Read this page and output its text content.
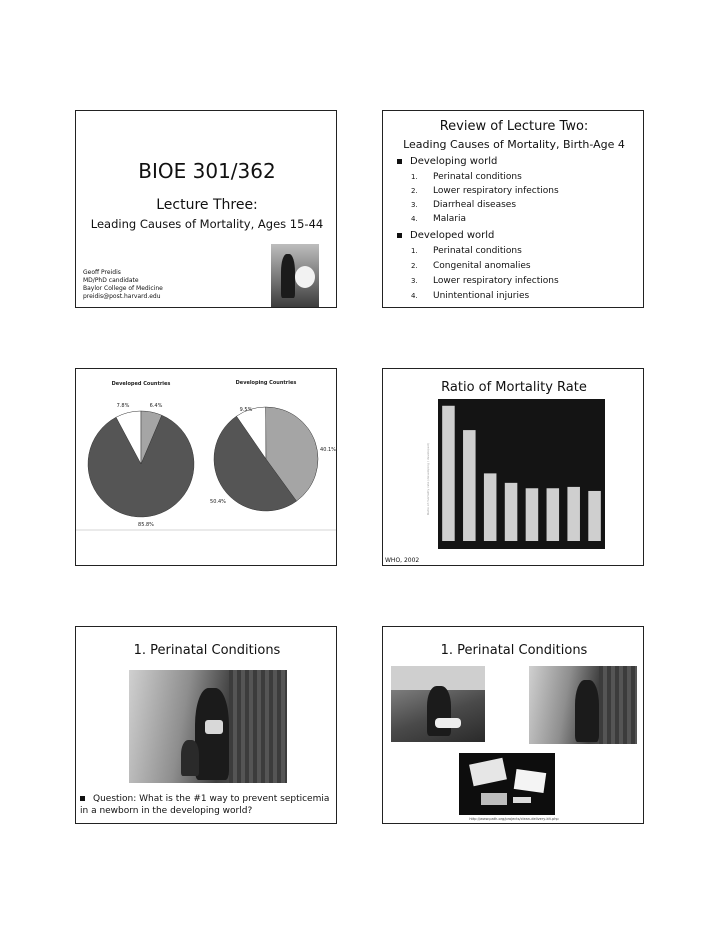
BIOE 301/362
Lecture Three:
Leading Causes of Mortality, Ages 15-44
Geoff Preidis
MD/PhD candidate
Baylor College of Medicine
preidis@post.harvard.edu
Review of Lecture Two:
Leading Causes of Mortality, Birth-Age 4
Developing world
1. Perinatal conditions
2. Lower respiratory infections
3. Diarrheal diseases
4. Malaria
Developed world
1. Perinatal conditions
2. Congenital anomalies
3. Lower respiratory infections
4. Unintentional injuries
Developed Countries	Developing Countries
7.8%	6.4%
85.8%
9.5%
40.1%
50.4%
Ratio of Mortality Rate
Ratio of mortality rate (developing / developed)
WHO, 2002
1. Perinatal Conditions
Question: What is the #1 way to prevent septicemia in a newborn in the developing world?
1. Perinatal Conditions
http://www.path.org/projects/clean-delivery-kit.php
